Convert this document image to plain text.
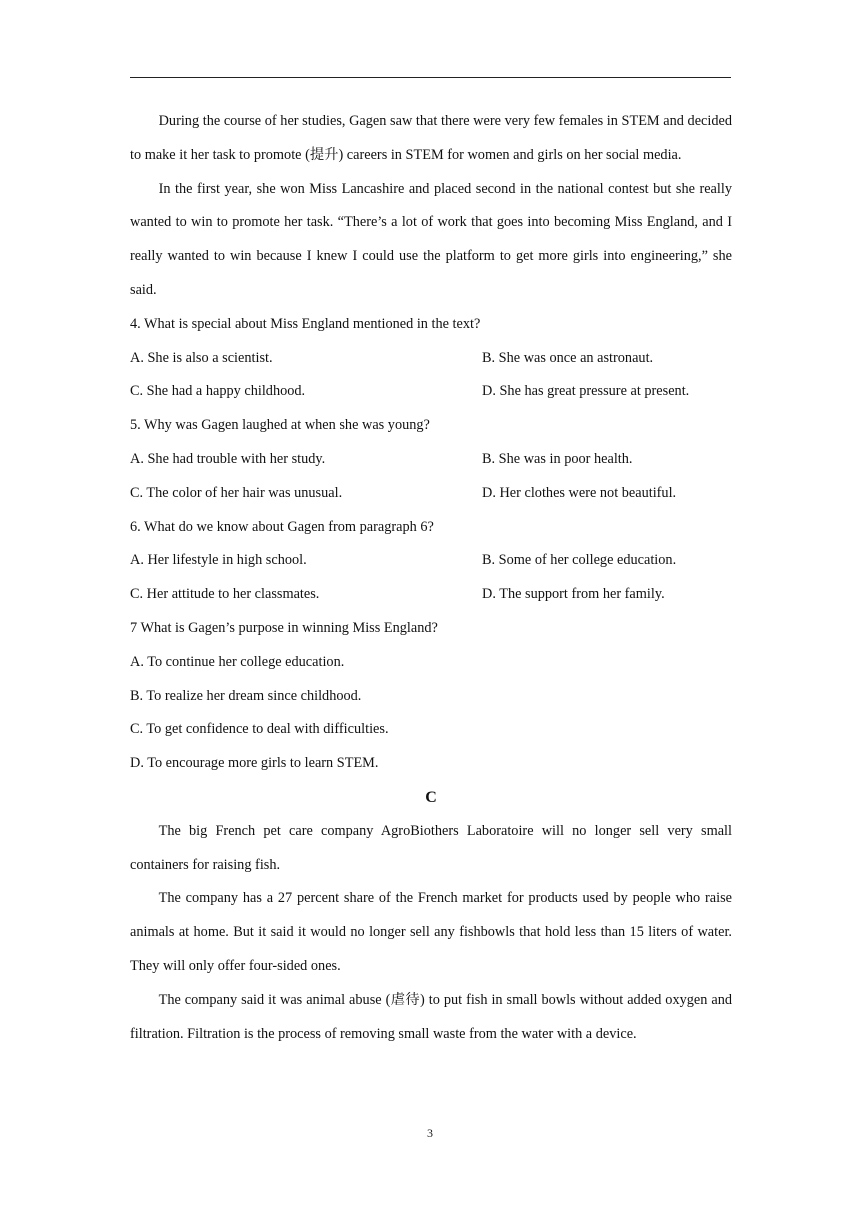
During the course of her studies, Gagen saw that there were very few females in STEM and decided to make it her task to promote (提升) careers in STEM for women and girls on her social media.

In the first year, she won Miss Lancashire and placed second in the national contest but she really wanted to win to promote her task. “There’s a lot of work that goes into becoming Miss England, and I really wanted to win because I knew I could use the platform to get more girls into engineering,” she said.

4. What is special about Miss England mentioned in the text?

A. She is also a scientist.	B. She was once an astronaut.
C. She had a happy childhood.	D. She has great pressure at present.

5. Why was Gagen laughed at when she was young?

A. She had trouble with her study.	B. She was in poor health.
C. The color of her hair was unusual.	D. Her clothes were not beautiful.

6. What do we know about Gagen from paragraph 6?

A. Her lifestyle in high school.	B. Some of her college education.
C. Her attitude to her classmates.	D. The support from her family.

7 What is Gagen’s purpose in winning Miss England?

A. To continue her college education.

B. To realize her dream since childhood.

C. To get confidence to deal with difficulties.

D. To encourage more girls to learn STEM.

C

The big French pet care company AgroBiothers Laboratoire will no longer sell very small containers for raising fish.

The company has a 27 percent share of the French market for products used by people who raise animals at home. But it said it would no longer sell any fishbowls that hold less than 15 liters of water. They will only offer four-sided ones.

The company said it was animal abuse (虐待) to put fish in small bowls without added oxygen and filtration. Filtration is the process of removing small waste from the water with a device.

3
